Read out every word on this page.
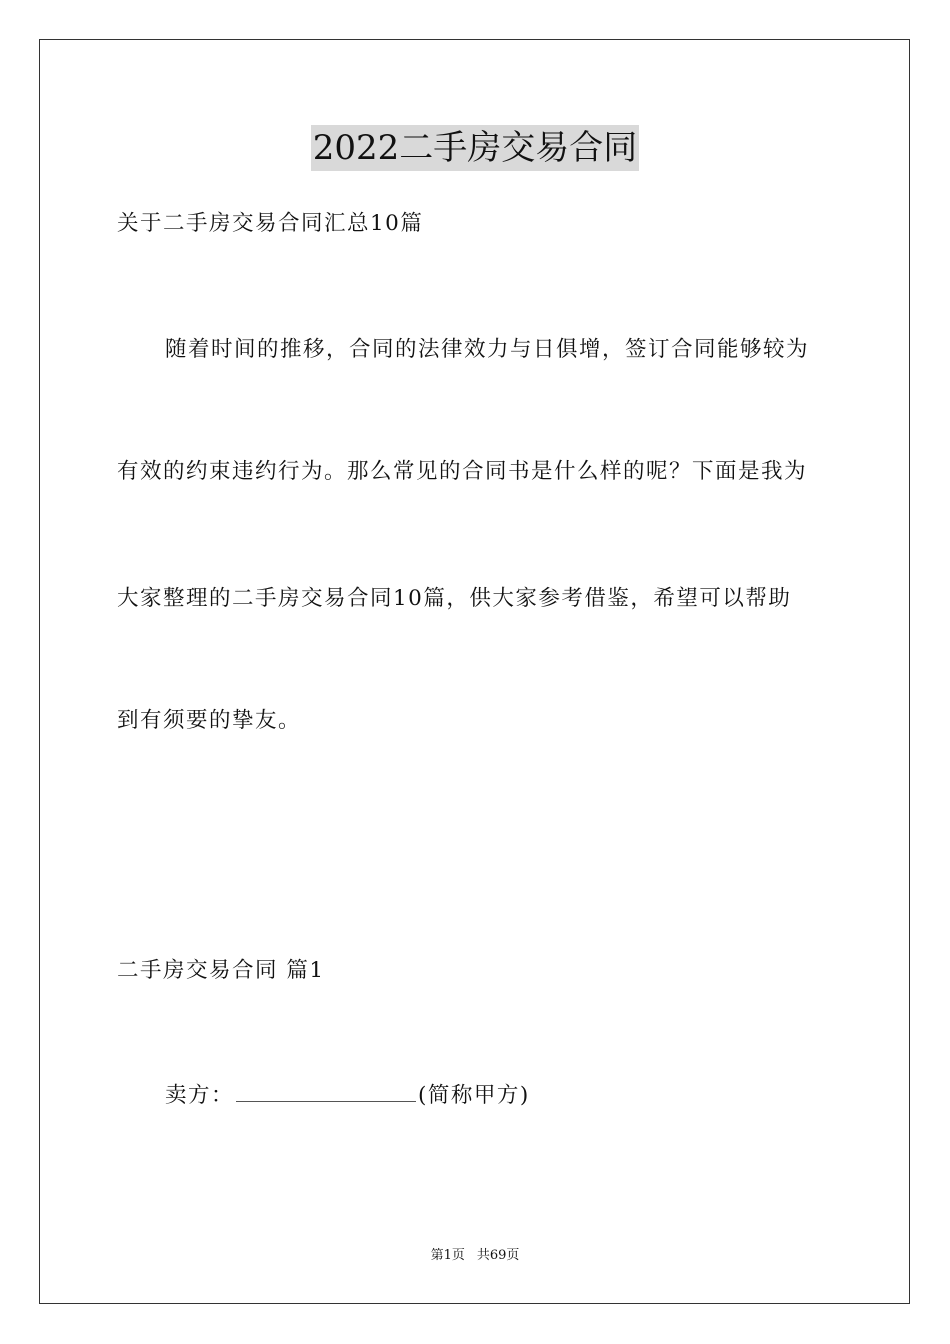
2022二手房交易合同
关于二手房交易合同汇总10篇
随着时间的推移，合同的法律效力与日俱增，签订合同能够较为
有效的约束违约行为。那么常见的合同书是什么样的呢？下面是我为
大家整理的二手房交易合同10篇，供大家参考借鉴，希望可以帮助
到有须要的挚友。
二手房交易合同 篇1
卖方：	(简称甲方)
第1页 共69页
